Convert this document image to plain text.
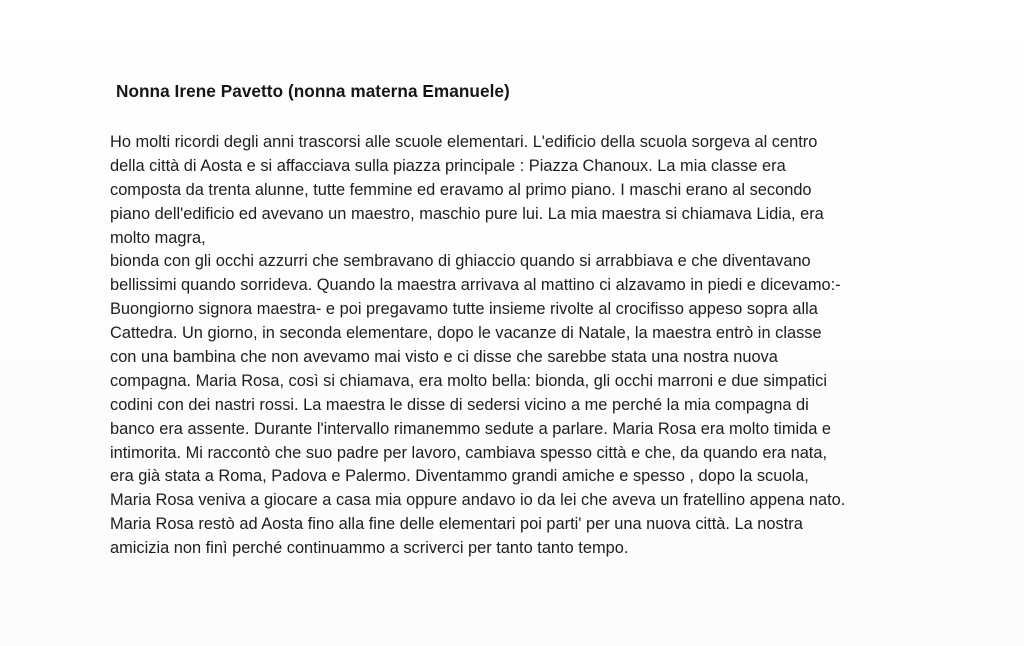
Nonna Irene Pavetto (nonna materna Emanuele)
Ho molti ricordi degli anni trascorsi alle scuole elementari. L'edificio della scuola sorgeva al centro
della città di Aosta e si affacciava sulla piazza principale : Piazza Chanoux. La mia classe era
composta da trenta alunne, tutte femmine ed eravamo al primo piano. I maschi erano al secondo
piano dell'edificio ed avevano un maestro, maschio pure lui. La mia maestra si chiamava Lidia, era
molto magra,
bionda con gli occhi azzurri che sembravano di ghiaccio quando si arrabbiava e che diventavano
bellissimi quando sorrideva. Quando la maestra arrivava al mattino ci alzavamo in piedi e dicevamo:-
Buongiorno signora maestra- e poi pregavamo tutte insieme rivolte al crocifisso appeso sopra alla
Cattedra. Un giorno, in seconda elementare, dopo le vacanze di Natale, la maestra entrò in classe
con una bambina che non avevamo mai visto e ci disse che sarebbe stata una nostra nuova
compagna. Maria Rosa, così si chiamava, era molto bella: bionda, gli occhi marroni e due simpatici
codini con dei nastri rossi. La maestra le disse di sedersi vicino a me perché la mia compagna di
banco era assente. Durante l'intervallo rimanemmo sedute a parlare. Maria Rosa era molto timida e
intimorita. Mi raccontò che suo padre per lavoro, cambiava spesso città e che, da quando era nata,
era già stata a Roma, Padova e Palermo. Diventammo grandi amiche e spesso , dopo la scuola,
Maria Rosa veniva a giocare a casa mia oppure andavo io da lei che aveva un fratellino appena nato.
Maria Rosa restò ad Aosta fino alla fine delle elementari poi parti' per una nuova città. La nostra
amicizia non finì perché continuammo a scriverci per tanto tanto tempo.
